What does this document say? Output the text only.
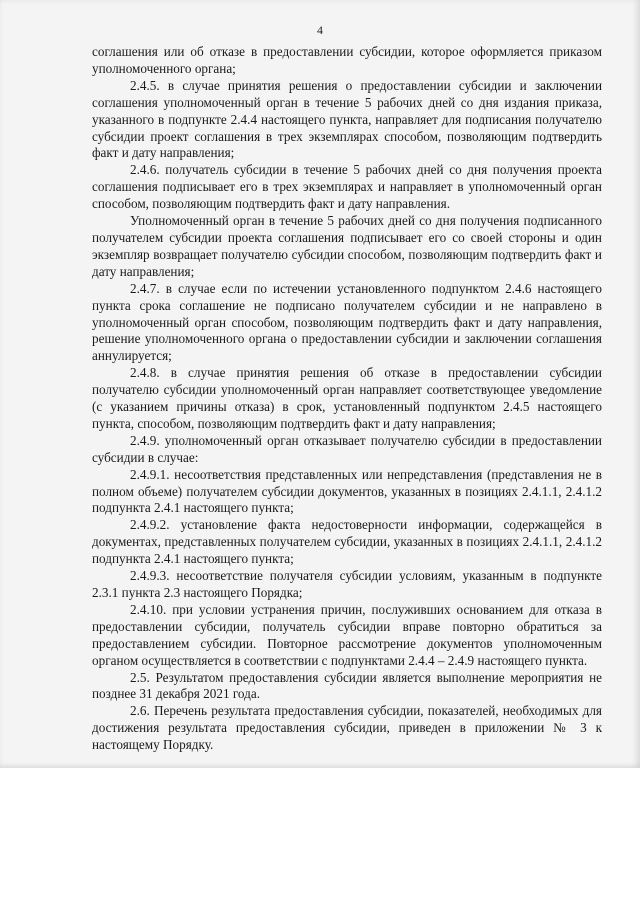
4

соглашения или об отказе в предоставлении субсидии, которое оформляется приказом уполномоченного органа;

2.4.5. в случае принятия решения о предоставлении субсидии и заключении соглашения уполномоченный орган в течение 5 рабочих дней со дня издания приказа, указанного в подпункте 2.4.4 настоящего пункта, направляет для подписания получателю субсидии проект соглашения в трех экземплярах способом, позволяющим подтвердить факт и дату направления;

2.4.6. получатель субсидии в течение 5 рабочих дней со дня получения проекта соглашения подписывает его в трех экземплярах и направляет в уполномоченный орган способом, позволяющим подтвердить факт и дату направления.

Уполномоченный орган в течение 5 рабочих дней со дня получения подписанного получателем субсидии проекта соглашения подписывает его со своей стороны и один экземпляр возвращает получателю субсидии способом, позволяющим подтвердить факт и дату направления;

2.4.7. в случае если по истечении установленного подпунктом 2.4.6 настоящего пункта срока соглашение не подписано получателем субсидии и не направлено в уполномоченный орган способом, позволяющим подтвердить факт и дату направления, решение уполномоченного органа о предоставлении субсидии и заключении соглашения аннулируется;

2.4.8. в случае принятия решения об отказе в предоставлении субсидии получателю субсидии уполномоченный орган направляет соответствующее уведомление (с указанием причины отказа) в срок, установленный подпунктом 2.4.5 настоящего пункта, способом, позволяющим подтвердить факт и дату направления;

2.4.9. уполномоченный орган отказывает получателю субсидии в предоставлении субсидии в случае:

2.4.9.1. несоответствия представленных или непредставления (представления не в полном объеме) получателем субсидии документов, указанных в позициях 2.4.1.1, 2.4.1.2 подпункта 2.4.1 настоящего пункта;

2.4.9.2. установление факта недостоверности информации, содержащейся в документах, представленных получателем субсидии, указанных в позициях 2.4.1.1, 2.4.1.2 подпункта 2.4.1 настоящего пункта;

2.4.9.3. несоответствие получателя субсидии условиям, указанным в подпункте 2.3.1 пункта 2.3 настоящего Порядка;

2.4.10. при условии устранения причин, послуживших основанием для отказа в предоставлении субсидии, получатель субсидии вправе повторно обратиться за предоставлением субсидии. Повторное рассмотрение документов уполномоченным органом осуществляется в соответствии с подпунктами 2.4.4 – 2.4.9 настоящего пункта.

2.5. Результатом предоставления субсидии является выполнение мероприятия не позднее 31 декабря 2021 года.

2.6. Перечень результата предоставления субсидии, показателей, необходимых для достижения результата предоставления субсидии, приведен в приложении № 3 к настоящему Порядку.
